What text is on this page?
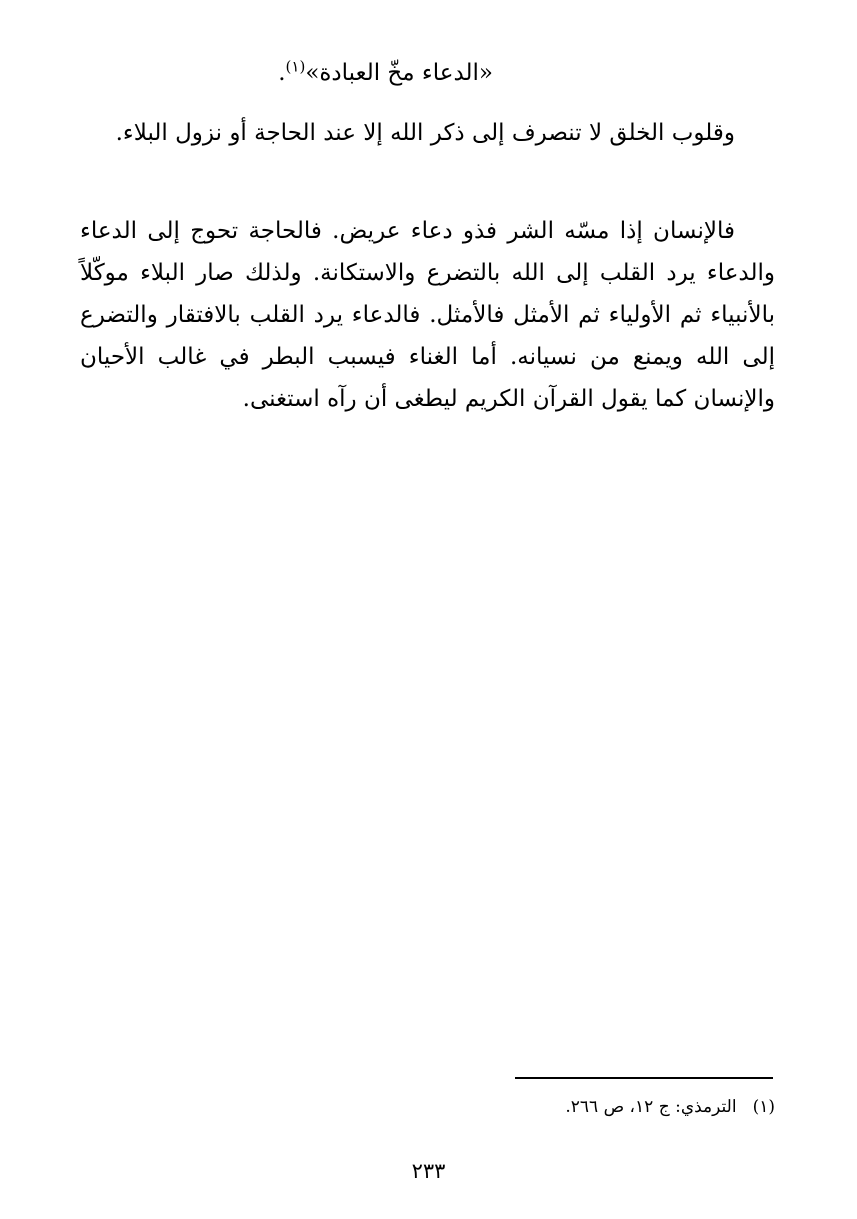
«الدعاء مخّ العبادة»$^{(١)}$.

وقلوب الخلق لا تنصرف إلى ذكر الله إلا عند الحاجة أو نزول البلاء.

فالإنسان إذا مسّه الشر فذو دعاء عريض. فالحاجة تحوج إلى الدعاء والدعاء يرد القلب إلى الله بالتضرع والاستكانة. ولذلك صار البلاء موكّلاً بالأنبياء ثم الأولياء ثم الأمثل فالأمثل. فالدعاء يرد القلب بالافتقار والتضرع إلى الله ويمنع من نسيانه. أما الغناء فيسبب البطر في غالب الأحيان والإنسان كما يقول القرآن الكريم ليطغى أن رآه استغنى.

(١)الترمذي: ج ١٢، ص ٢٦٦.
٢٣٣
